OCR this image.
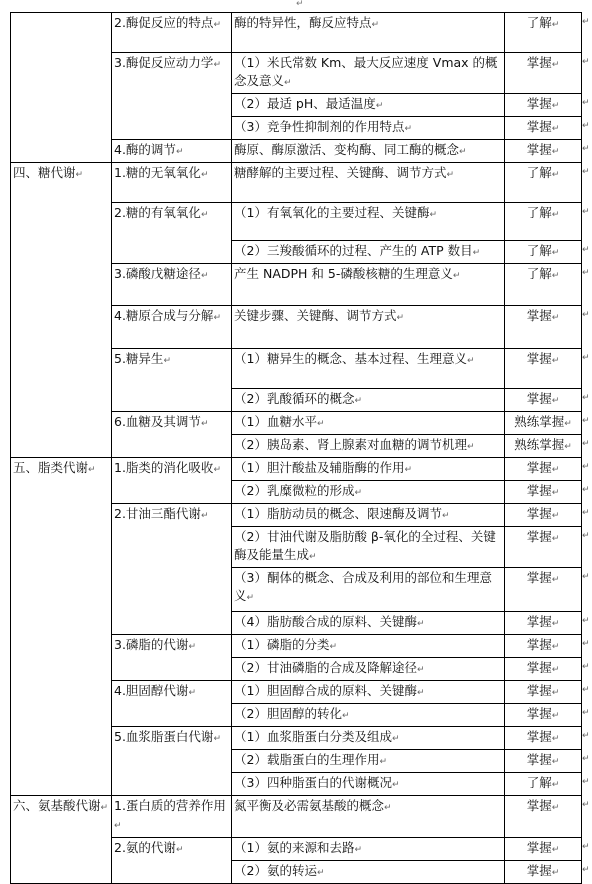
↵
	2.酶促反应的特点↵	酶的特异性，酶反应特点↵	了解↵	↵
	3.酶促反应动力学↵	（1）米氏常数 Km、最大反应速度 Vmax 的概念及意义↵	掌握↵	↵
		（2）最适 pH、最适温度↵	掌握↵	↵
		（3）竞争性抑制剂的作用特点↵	掌握↵	↵
	4.酶的调节↵	酶原、酶原激活、变构酶、同工酶的概念↵	掌握↵	↵
四、糖代谢↵	1.糖的无氧氧化↵	糖酵解的主要过程、关键酶、调节方式↵	了解↵	↵
	2.糖的有氧氧化↵	（1）有氧氧化的主要过程、关键酶↵	了解↵	↵
		（2）三羧酸循环的过程、产生的 ATP 数目↵	了解↵	↵
	3.磷酸戊糖途径↵	产生 NADPH 和 5-磷酸核糖的生理意义↵	了解↵	↵
	4.糖原合成与分解↵	关键步骤、关键酶、调节方式↵	掌握↵	↵
	5.糖异生↵	（1）糖异生的概念、基本过程、生理意义↵	掌握↵	↵
		（2）乳酸循环的概念↵	掌握↵	↵
	6.血糖及其调节↵	（1）血糖水平↵	熟练掌握↵	↵
		（2）胰岛素、肾上腺素对血糖的调节机理↵	熟练掌握↵	↵
五、脂类代谢↵	1.脂类的消化吸收↵	（1）胆汁酸盐及辅脂酶的作用↵	掌握↵	↵
		（2）乳糜微粒的形成↵	掌握↵	↵
	2.甘油三酯代谢↵	（1）脂肪动员的概念、限速酶及调节↵	掌握↵	↵
		（2）甘油代谢及脂肪酸 β-氧化的全过程、关键酶及能量生成↵	掌握↵	↵
		（3）酮体的概念、合成及利用的部位和生理意义↵	掌握↵	↵
		（4）脂肪酸合成的原料、关键酶↵	掌握↵	↵
	3.磷脂的代谢↵	（1）磷脂的分类↵	掌握↵	↵
		（2）甘油磷脂的合成及降解途径↵	掌握↵	↵
	4.胆固醇代谢↵	（1）胆固醇合成的原料、关键酶↵	掌握↵	↵
		（2）胆固醇的转化↵	掌握↵	↵
	5.血浆脂蛋白代谢↵	（1）血浆脂蛋白分类及组成↵	掌握↵	↵
		（2）载脂蛋白的生理作用↵	掌握↵	↵
		（3）四种脂蛋白的代谢概况↵	了解↵	↵
六、氨基酸代谢↵	1.蛋白质的营养作用↵	氮平衡及必需氨基酸的概念↵	掌握↵	↵
	2.氨的代谢↵	（1）氨的来源和去路↵	掌握↵	↵
		（2）氨的转运↵	掌握↵	↵
